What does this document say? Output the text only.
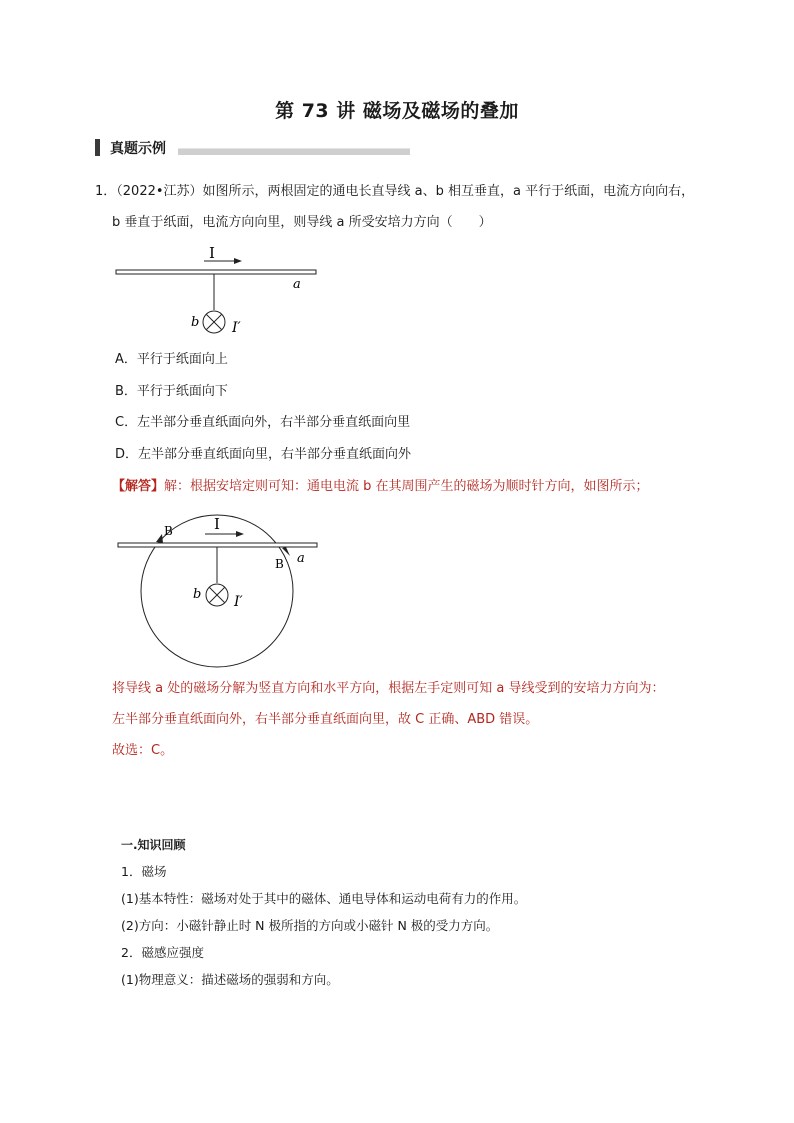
第 73 讲 磁场及磁场的叠加
真题示例
1．（2022•江苏）如图所示，两根固定的通电长直导线 a、b 相互垂直，a 平行于纸面，电流方向向右，
b 垂直于纸面，电流方向向里，则导线 a 所受安培力方向（　　）
I
a
b I′
A．平行于纸面向上
B．平行于纸面向下
C．左半部分垂直纸面向外，右半部分垂直纸面向里
D．左半部分垂直纸面向里，右半部分垂直纸面向外
【解答】解：根据安培定则可知：通电电流 b 在其周围产生的磁场为顺时针方向，如图所示；
B
B
I
a
b I′
将导线 a 处的磁场分解为竖直方向和水平方向，根据左手定则可知 a 导线受到的安培力方向为：
左半部分垂直纸面向外，右半部分垂直纸面向里，故 C 正确、ABD 错误。
故选：C。
一.知识回顾
1．磁场
(1)基本特性：磁场对处于其中的磁体、通电导体和运动电荷有力的作用。
(2)方向：小磁针静止时 N 极所指的方向或小磁针 N 极的受力方向。
2．磁感应强度
(1)物理意义：描述磁场的强弱和方向。
